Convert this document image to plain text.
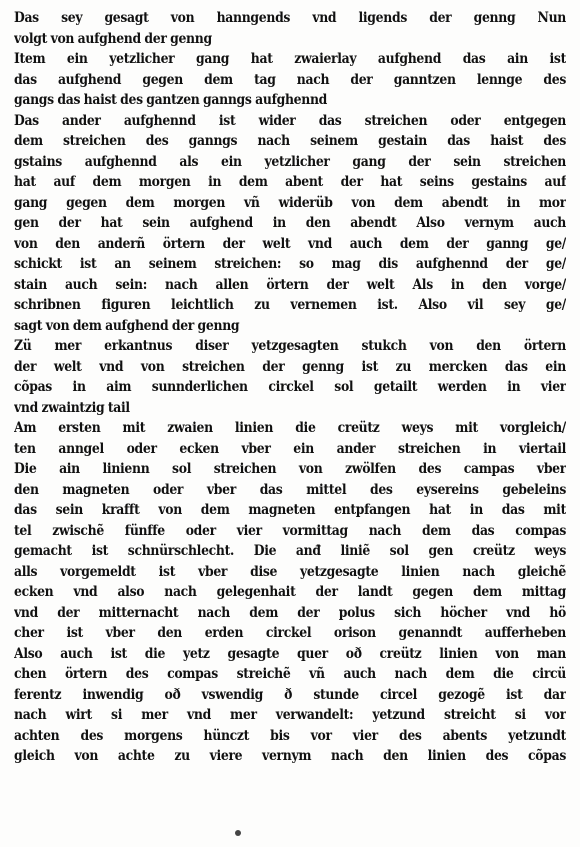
Das sey gesagt von hanngends vnd ligends der genng Nun
volgt von aufghend der genng
Item ein yetzlicher gang hat zwaierlay aufghend das ain ist
das aufghend gegen dem tag nach der ganntzen lennge des
gangs das haist des gantzen ganngs aufghennd
Das ander aufghennd ist wider das streichen oder entgegen
dem streichen des ganngs nach seinem gestain das haist des
gstains aufghennd als ein yetzlicher gang der sein streichen
hat auf dem morgen in dem abent der hat seins gestains auf
gang gegen dem morgen vñ widerüb von dem abendt in mor
gen der hat sein aufghend in den abendt Also vernym auch
von den anderñ örtern der welt vnd auch dem der ganng ge/
schickt ist an seinem streichen: so mag dis aufghennd der ge/
stain auch sein: nach allen örtern der welt Als in den vorge/
schribnen figuren leichtlich zu vernemen ist. Also vil sey ge/
sagt von dem aufghend der genng
Zü mer erkantnus diser yetzgesagten stukch von den örtern
der welt vnd von streichen der genng ist zu mercken das ein
cõpas in aim sunnderlichen circkel sol getailt werden in vier
vnd zwaintzig tail
Am ersten mit zwaien linien die creütz weys mit vorgleich/
ten anngel oder ecken vber ein ander streichen in viertail
Die ain linienn sol streichen von zwölfen des campas vber
den magneten oder vber das mittel des eysereins gebeleins
das sein krafft von dem magneten entpfangen hat in das mit
tel zwischẽ fünffe oder vier vormittag nach dem das compas
gemacht ist schnürschlecht. Die anđ liniẽ sol gen creütz weys
alls vorgemeldt ist vber dise yetzgesagte linien nach gleichẽ
ecken vnd also nach gelegenhait der landt gegen dem mittag
vnd der mitternacht nach dem der polus sich höcher vnd hö
cher ist vber den erden circkel orison genanndt aufferheben
Also auch ist die yetz gesagte quer oð creütz linien von man
chen örtern des compas streichẽ vñ auch nach dem die circü
ferentz inwendig oð vswendig ð stunde circel gezogẽ ist dar
nach wirt si mer vnd mer verwandelt: yetzund streicht si vor
achten des morgens hünczt bis vor vier des abents yetzundt
gleich von achte zu viere vernym nach den linien des cõpas
